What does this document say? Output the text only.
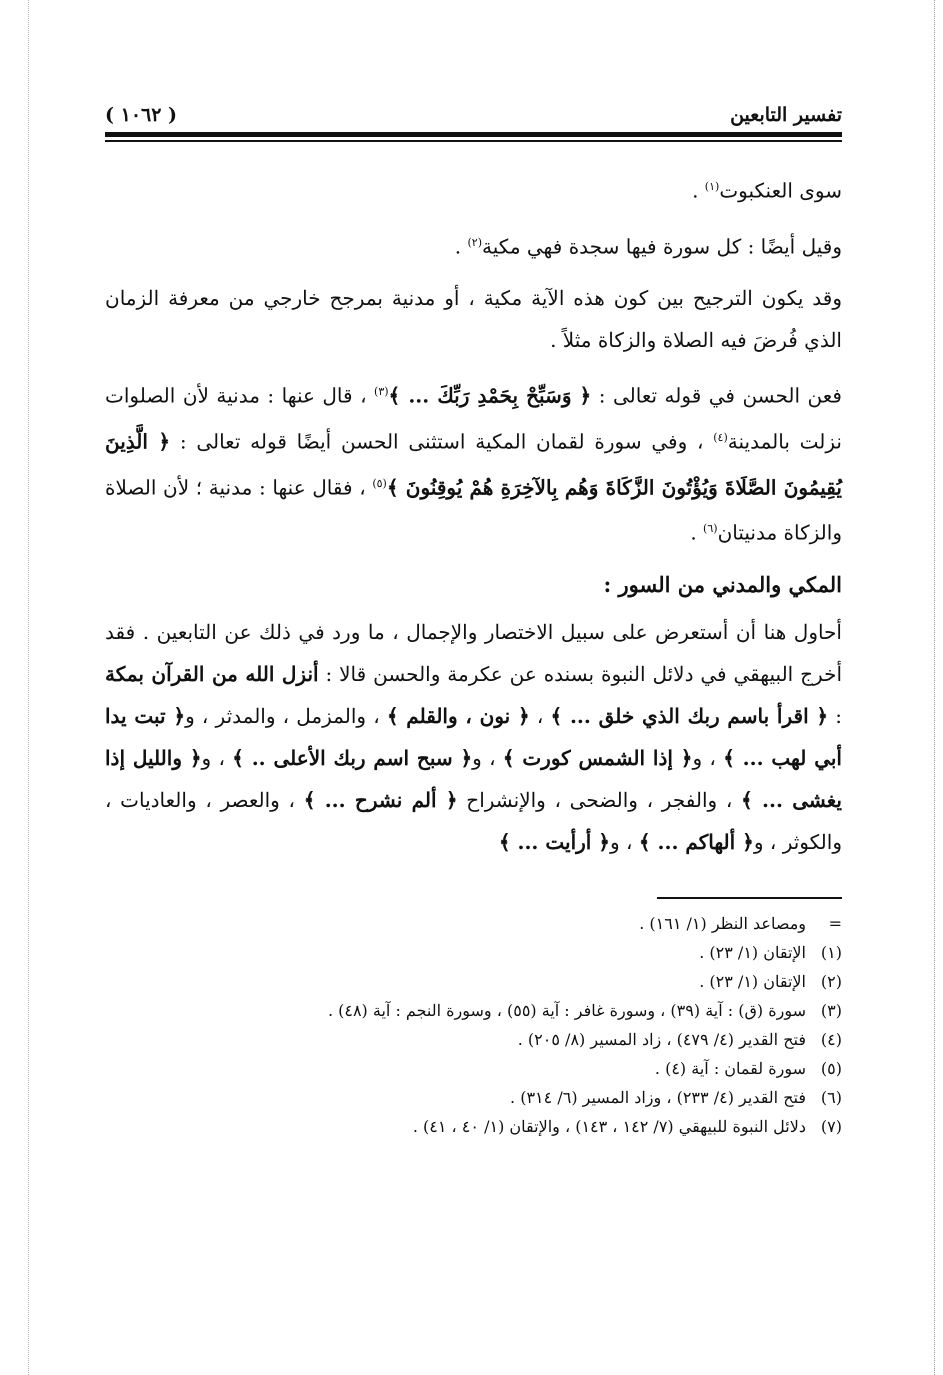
تفسير التابعين
( ١٠٦٢ )

سوى العنكبوت$^{(١)}$ .

وقيل أيضًا : كل سورة فيها سجدة فهي مكية$^{(٢)}$ .

وقد يكون الترجيح بين كون هذه الآية مكية ، أو مدنية بمرجح خارجي من معرفة الزمان الذي فُرضَ فيه الصلاة والزكاة مثلاً .

فعن الحسن في قوله تعالى : ﴿ وَسَبِّحْ بِحَمْدِ رَبِّكَ ... ﴾$^{(٣)}$ ، قال عنها : مدنية لأن الصلوات نزلت بالمدينة$^{(٤)}$ ، وفي سورة لقمان المكية استثنى الحسن أيضًا قوله تعالى : ﴿ الَّذِينَ يُقِيمُونَ الصَّلَاةَ وَيُؤْتُونَ الزَّكَاةَ وَهُم بِالآخِرَةِ هُمْ يُوقِنُونَ ﴾$^{(٥)}$ ، فقال عنها : مدنية ؛ لأن الصلاة والزكاة مدنيتان$^{(٦)}$ .

المكي والمدني من السور :

أحاول هنا أن أستعرض على سبيل الاختصار والإجمال ، ما ورد في ذلك عن التابعين . فقد أخرج البيهقي في دلائل النبوة بسنده عن عكرمة والحسن قالا : أنزل الله من القرآن بمكة : ﴿ اقرأ باسم ربك الذي خلق ... ﴾ ، ﴿ نون ، والقلم ﴾ ، والمزمل ، والمدثر ، و﴿ تبت يدا أبي لهب ... ﴾ ، و﴿ إذا الشمس كورت ﴾ ، و﴿ سبح اسم ربك الأعلى .. ﴾ ، و﴿ والليل إذا يغشى ... ﴾ ، والفجر ، والضحى ، والإنشراح ﴿ ألم نشرح ... ﴾ ، والعصر ، والعاديات ، والكوثر ، و﴿ ألهاكم ... ﴾ ، و﴿ أرأيت ... ﴾

=
ومصاعد النظر (١/ ١٦١) .
(١)
الإتقان (١/ ٢٣) .
(٢)
الإتقان (١/ ٢٣) .
(٣)
سورة (ق) : آية (٣٩) ، وسورة غافر : آية (٥٥) ، وسورة النجم : آية (٤٨) .
(٤)
فتح القدير (٤/ ٤٧٩) ، زاد المسير (٨/ ٢٠٥) .
(٥)
سورة لقمان : آية (٤) .
(٦)
فتح القدير (٤/ ٢٣٣) ، وزاد المسير (٦/ ٣١٤) .
(٧)
دلائل النبوة للبيهقي (٧/ ١٤٢ ، ١٤٣) ، والإتقان (١/ ٤٠ ، ٤١) .
